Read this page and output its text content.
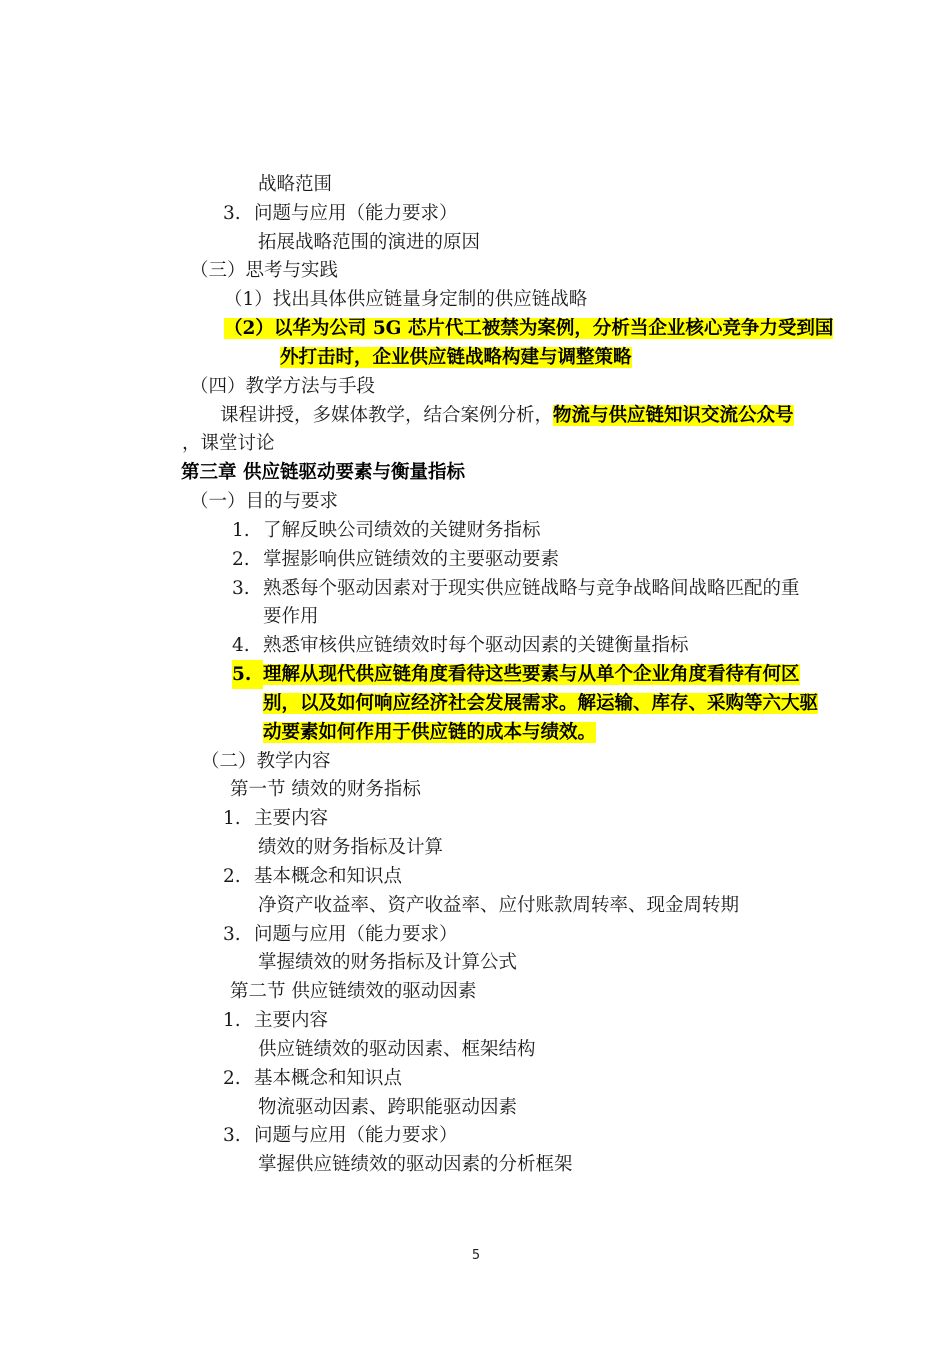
战略范围
3. 问题与应用（能力要求）
拓展战略范围的演进的原因
（三）思考与实践
（1）找出具体供应链量身定制的供应链战略
（2）以华为公司 5G 芯片代工被禁为案例，分析当企业核心竞争力受到国
外打击时，企业供应链战略构建与调整策略
（四）教学方法与手段
课程讲授，多媒体教学，结合案例分析，物流与供应链知识交流公众号
，课堂讨论
第三章 供应链驱动要素与衡量指标
（一）目的与要求
1. 了解反映公司绩效的关键财务指标
2. 掌握影响供应链绩效的主要驱动要素
3. 熟悉每个驱动因素对于现实供应链战略与竞争战略间战略匹配的重
要作用
4. 熟悉审核供应链绩效时每个驱动因素的关键衡量指标
5. 理解从现代供应链角度看待这些要素与从单个企业角度看待有何区
别，以及如何响应经济社会发展需求。解运输、库存、采购等六大驱
动要素如何作用于供应链的成本与绩效。
（二）教学内容
第一节 绩效的财务指标
1. 主要内容
绩效的财务指标及计算
2. 基本概念和知识点
净资产收益率、资产收益率、应付账款周转率、现金周转期
3. 问题与应用（能力要求）
掌握绩效的财务指标及计算公式
第二节 供应链绩效的驱动因素
1. 主要内容
供应链绩效的驱动因素、框架结构
2. 基本概念和知识点
物流驱动因素、跨职能驱动因素
3. 问题与应用（能力要求）
掌握供应链绩效的驱动因素的分析框架
5
